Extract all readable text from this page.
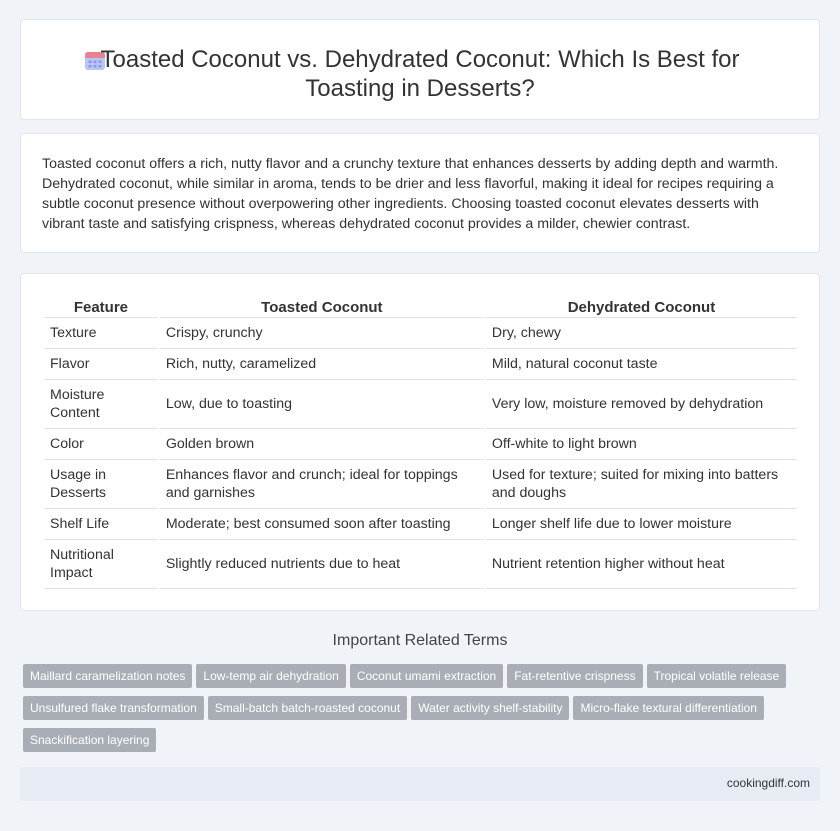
Toasted Coconut vs. Dehydrated Coconut: Which Is Best for Toasting in Desserts?

Toasted coconut offers a rich, nutty flavor and a crunchy texture that enhances desserts by adding depth and warmth. Dehydrated coconut, while similar in aroma, tends to be drier and less flavorful, making it ideal for recipes requiring a subtle coconut presence without overpowering other ingredients. Choosing toasted coconut elevates desserts with vibrant taste and satisfying crispness, whereas dehydrated coconut provides a milder, chewier contrast.

Feature	Toasted Coconut	Dehydrated Coconut
Texture	Crispy, crunchy	Dry, chewy
Flavor	Rich, nutty, caramelized	Mild, natural coconut taste
Moisture Content	Low, due to toasting	Very low, moisture removed by dehydration
Color	Golden brown	Off-white to light brown
Usage in Desserts	Enhances flavor and crunch; ideal for toppings and garnishes	Used for texture; suited for mixing into batters and doughs
Shelf Life	Moderate; best consumed soon after toasting	Longer shelf life due to lower moisture
Nutritional Impact	Slightly reduced nutrients due to heat	Nutrient retention higher without heat
Important Related Terms
Maillard caramelization notes Low-temp air dehydration Coconut umami extraction Fat-retentive crispness Tropical volatile releaseUnsulfured flake transformation Small-batch batch-roasted coconut Water activity shelf-stability Micro-flake textural differentiationSnackification layering
cookingdiff.com
